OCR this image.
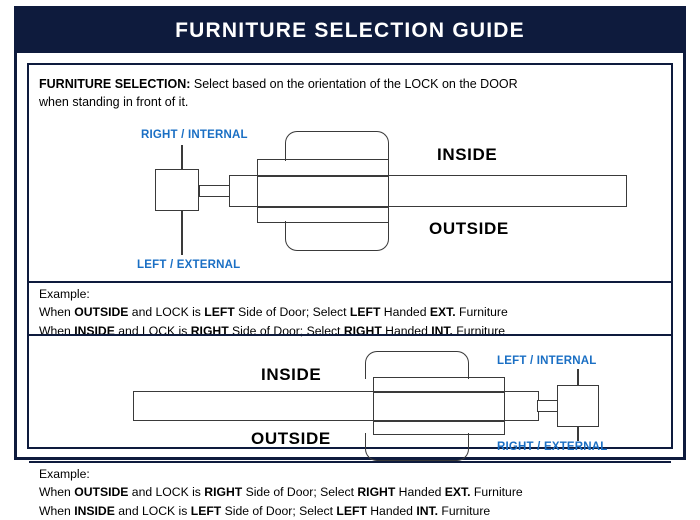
FURNITURE SELECTION GUIDE
FURNITURE SELECTION: Select based on the orientation of the LOCK on the DOOR
when standing in front of it.
RIGHT / INTERNAL
LEFT / EXTERNAL
INSIDE
OUTSIDE
Example:
When OUTSIDE and LOCK is LEFT Side of Door; Select LEFT Handed EXT. Furniture
When INSIDE and LOCK is RIGHT Side of Door; Select RIGHT Handed INT. Furniture
LEFT / INTERNAL
RIGHT / EXTERNAL
INSIDE
OUTSIDE
Example:
When OUTSIDE and LOCK is RIGHT Side of Door; Select RIGHT Handed EXT. Furniture
When INSIDE and LOCK is LEFT Side of Door; Select LEFT Handed INT. Furniture
